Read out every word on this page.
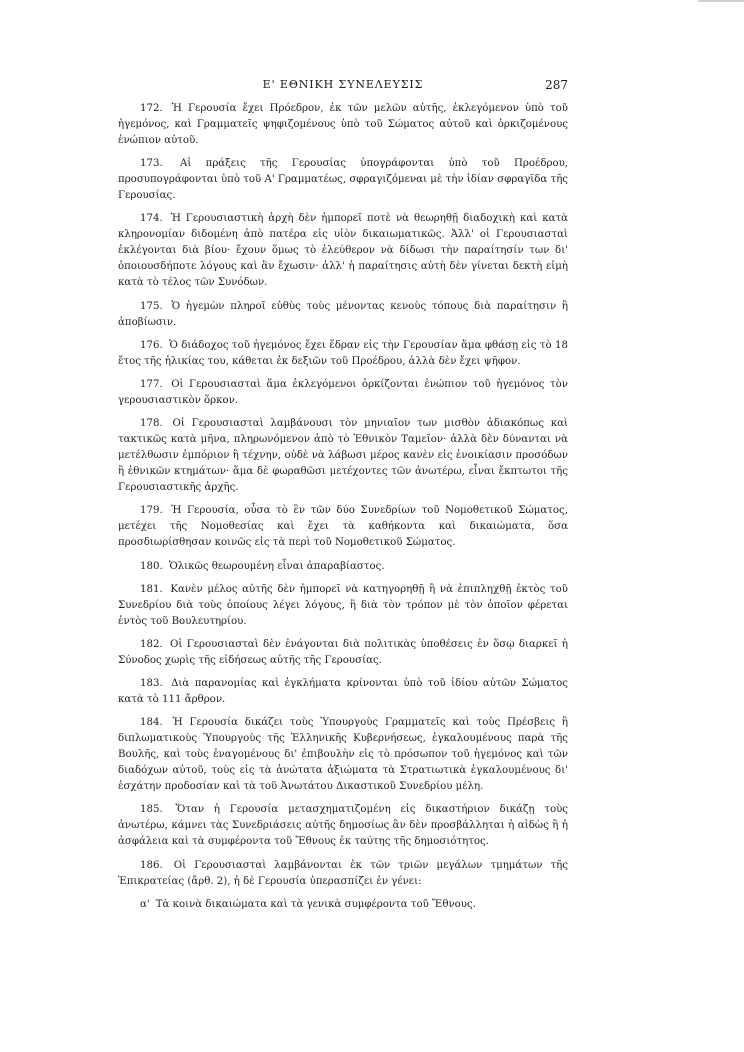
Ε' ΕΘΝΙΚΗ ΣΥΝΕΛΕΥΣΙΣ	287

172. Ἡ Γερουσία ἔχει Πρόεδρον, ἐκ τῶν μελῶν αὐτῆς, ἐκλεγόμενον ὑπὸ τοῦ ἡγεμόνος, καὶ Γραμματεῖς ψηφιζομένους ὑπὸ τοῦ Σώματος αὐτοῦ καὶ ὁρκιζομένους ἐνώπιον αὐτοῦ.

173. Αἱ πράξεις τῆς Γερουσίας ὑπογράφονται ὑπὸ τοῦ Προέδρου, προσυπογράφονται ὑπὸ τοῦ Α' Γραμματέως, σφραγιζόμεναι μὲ τὴν ἰδίαν σφραγῖδα τῆς Γερουσίας.

174. Ἡ Γερουσιαστικὴ ἀρχὴ δὲν ἠμπορεῖ ποτὲ νὰ θεωρηθῇ διαδοχικὴ καὶ κατὰ κληρονομίαν διδομένη ἀπὸ πατέρα εἰς υἱὸν δικαιωματικῶς. Ἀλλ' οἱ Γερουσιασταὶ ἐκλέγονται διὰ βίου· ἔχουν ὅμως τὸ ἐλεύθερον νὰ δίδωσι τὴν παραίτησίν των δι' ὁποιουσδήποτε λόγους καὶ ἂν ἔχωσιν· ἀλλ' ἡ παραίτησις αὐτὴ δὲν γίνεται δεκτὴ εἰμὴ κατὰ τὸ τέλος τῶν Συνόδων.

175. Ὁ ἡγεμὼν πληροῖ εὐθὺς τοὺς μένοντας κενοὺς τόπους διὰ παραίτησιν ἢ ἀποβίωσιν.

176. Ὁ διάδοχος τοῦ ἡγεμόνος ἔχει ἕδραν εἰς τὴν Γερουσίαν ἅμα φθάσῃ εἰς τὸ 18 ἔτος τῆς ἡλικίας του, κάθεται ἐκ δεξιῶν τοῦ Προέδρου, ἀλλὰ δὲν ἔχει ψῆφον.

177. Οἱ Γερουσιασταὶ ἅμα ἐκλεγόμενοι ὁρκίζονται ἐνώπιον τοῦ ἡγεμόνος τὸν γερουσιαστικὸν ὅρκον.

178. Οἱ Γερουσιασταὶ λαμβάνουσι τὸν μηνιαῖον των μισθὸν ἀδιακόπως καὶ τακτικῶς κατὰ μῆνα, πληρωνόμενον ἀπὸ τὸ Ἐθνικὸν Ταμεῖον· ἀλλὰ δὲν δύνανται νὰ μετέλθωσιν ἐμπόριον ἢ τέχνην, οὐδὲ νὰ λάβωσι μέρος κανὲν εἰς ἐνοικίασιν προσόδων ἢ ἐθνικῶν κτημάτων· ἅμα δὲ φωραθῶσι μετέχοντες τῶν ἀνωτέρω, εἶναι ἔκπτωτοι τῆς Γερουσιαστικῆς ἀρχῆς.

179. Ἡ Γερουσία, οὖσα τὸ ἓν τῶν δύο Συνεδρίων τοῦ Νομοθετικοῦ Σώματος, μετέχει τῆς Νομοθεσίας καὶ ἔχει τὰ καθήκοντα καὶ δικαιώματα, ὅσα προσδιωρίσθησαν κοινῶς εἰς τὰ περὶ τοῦ Νομοθετικοῦ Σώματος.

180. Ὁλικῶς θεωρουμένη εἶναι ἀπαραβίαστος.

181. Κανὲν μέλος αὐτῆς δὲν ἠμπορεῖ νὰ κατηγορηθῇ ἢ νὰ ἐπιπληχθῇ ἐκτὸς τοῦ Συνεδρίου διὰ τοὺς ὁποίους λέγει λόγους, ἢ διὰ τὸν τρόπον μὲ τὸν ὁποῖον φέρεται ἐντὸς τοῦ Βουλευτηρίου.

182. Οἱ Γερουσιασταὶ δὲν ἐνάγονται διὰ πολιτικὰς ὑποθέσεις ἐν ὅσῳ διαρκεῖ ἡ Σύνοδος χωρὶς τῆς εἰδήσεως αὐτῆς τῆς Γερουσίας.

183. Διὰ παρανομίας καὶ ἐγκλήματα κρίνονται ὑπὸ τοῦ ἰδίου αὐτῶν Σώματος κατὰ τὸ 111 ἄρθρον.

184. Ἡ Γερουσία δικάζει τοὺς Ὑπουργοὺς Γραμματεῖς καὶ τοὺς Πρέσβεις ἢ διπλωματικοὺς Ὑπουργοὺς τῆς Ἑλληνικῆς Κυβερνήσεως, ἐγκαλουμένους παρὰ τῆς Βουλῆς, καὶ τοὺς ἐναγομένους δι' ἐπιβουλὴν εἰς τὸ πρόσωπον τοῦ ἡγεμόνος καὶ τῶν διαδόχων αὐτοῦ, τοὺς εἰς τὰ ἀνώτατα ἀξιώματα τὰ Στρατιωτικὰ ἐγκαλουμένους δι' ἐσχάτην προδοσίαν καὶ τὰ τοῦ Ἀνωτάτου Δικαστικοῦ Συνεδρίου μέλη.

185. Ὅταν ἡ Γερουσία μετασχηματιζομένη εἰς δικαστήριον δικάζῃ τοὺς ἀνωτέρω, κάμνει τὰς Συνεδριάσεις αὐτῆς δημοσίως ἂν δὲν προσβάλληται ἡ αἰδὼς ἢ ἡ ἀσφάλεια καὶ τὰ συμφέροντα τοῦ Ἔθνους ἐκ ταύτης τῆς δημοσιότητος.

186. Οἱ Γερουσιασταὶ λαμβάνονται ἐκ τῶν τριῶν μεγάλων τμημάτων τῆς Ἐπικρατείας (ἄρθ. 2), ἡ δὲ Γερουσία ὑπερασπίζει ἐν γένει:

α' Τὰ κοινὰ δικαιώματα καὶ τὰ γενικὰ συμφέροντα τοῦ Ἔθνους.
